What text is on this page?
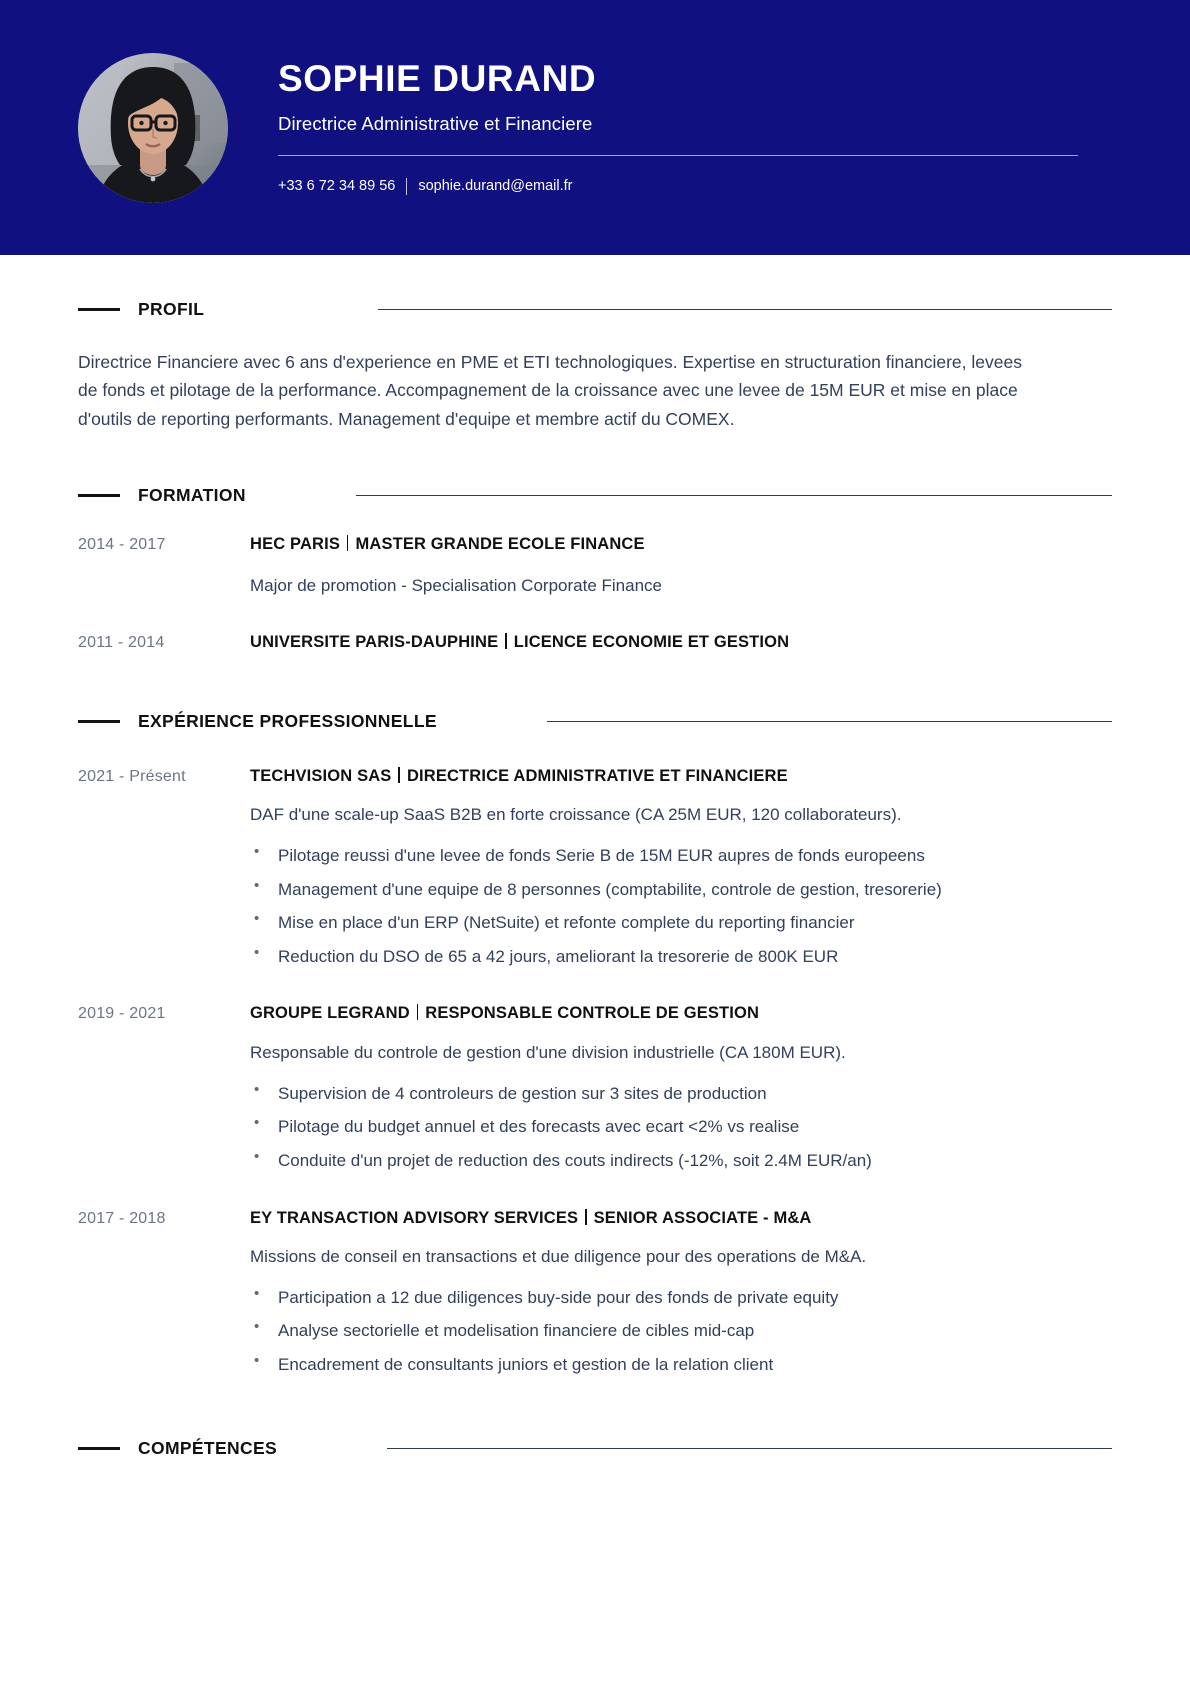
SOPHIE DURAND
Directrice Administrative et Financiere
+33 6 72 34 89 56 sophie.durand@email.fr
PROFIL

Directrice Financiere avec 6 ans d'experience en PME et ETI technologiques. Expertise en structuration financiere, levees de fonds et pilotage de la performance. Accompagnement de la croissance avec une levee de 15M EUR et mise en place d'outils de reporting performants. Management d'equipe et membre actif du COMEX.

FORMATION
2014 - 2017	HEC PARIS MASTER GRANDE ECOLE FINANCE
Major de promotion - Specialisation Corporate Finance
2011 - 2014	UNIVERSITE PARIS-DAUPHINE LICENCE ECONOMIE ET GESTION
EXPÉRIENCE PROFESSIONNELLE
2021 - Présent	TECHVISION SAS DIRECTRICE ADMINISTRATIVE ET FINANCIERE
DAF d'une scale-up SaaS B2B en forte croissance (CA 25M EUR, 120 collaborateurs).
• Pilotage reussi d'une levee de fonds Serie B de 15M EUR aupres de fonds europeens
• Management d'une equipe de 8 personnes (comptabilite, controle de gestion, tresorerie)
• Mise en place d'un ERP (NetSuite) et refonte complete du reporting financier
• Reduction du DSO de 65 a 42 jours, ameliorant la tresorerie de 800K EUR
2019 - 2021	GROUPE LEGRAND RESPONSABLE CONTROLE DE GESTION
Responsable du controle de gestion d'une division industrielle (CA 180M EUR).
• Supervision de 4 controleurs de gestion sur 3 sites de production
• Pilotage du budget annuel et des forecasts avec ecart <2% vs realise
• Conduite d'un projet de reduction des couts indirects (-12%, soit 2.4M EUR/an)
2017 - 2018	EY TRANSACTION ADVISORY SERVICES SENIOR ASSOCIATE - M&A
Missions de conseil en transactions et due diligence pour des operations de M&A.
• Participation a 12 due diligences buy-side pour des fonds de private equity
• Analyse sectorielle et modelisation financiere de cibles mid-cap
• Encadrement de consultants juniors et gestion de la relation client
COMPÉTENCES
